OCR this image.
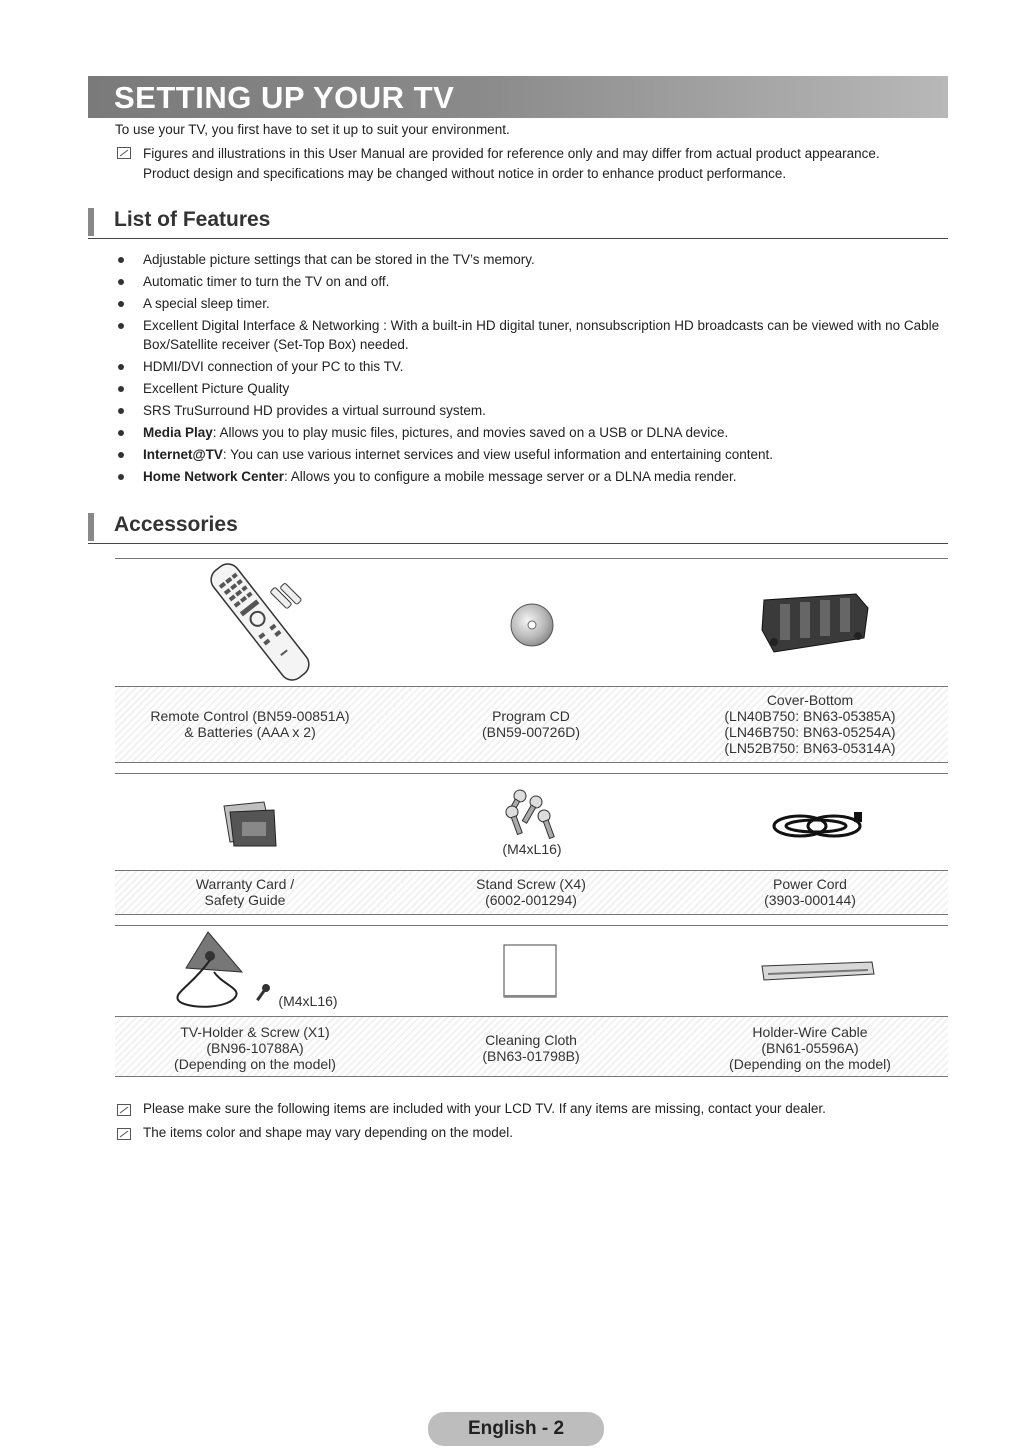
SETTING UP YOUR TV
To use your TV, you first have to set it up to suit your environment.
Figures and illustrations in this User Manual are provided for reference only and may differ from actual product appearance.
Product design and specifications may be changed without notice in order to enhance product performance.
List of Features
Adjustable picture settings that can be stored in the TV’s memory.
Automatic timer to turn the TV on and off.
A special sleep timer.
Excellent Digital Interface & Networking : With a built-in HD digital tuner, nonsubscription HD broadcasts can be viewed with no Cable Box/Satellite receiver (Set-Top Box) needed.
HDMI/DVI connection of your PC to this TV.
Excellent Picture Quality
SRS TruSurround HD provides a virtual surround system.
Media Play: Allows you to play music files, pictures, and movies saved on a USB or DLNA device.
Internet@TV: You can use various internet services and view useful information and entertaining content.
Home Network Center: Allows you to configure a mobile message server or a DLNA media render.
Accessories
Remote Control (BN59-00851A)
& Batteries (AAA x 2)
Program CD
(BN59-00726D)
Cover-Bottom
(LN40B750: BN63-05385A)
(LN46B750: BN63-05254A)
(LN52B750: BN63-05314A)
(M4xL16)
Warranty Card /
Safety Guide
Stand Screw (X4)
(6002-001294)
Power Cord
(3903-000144)
(M4xL16)
TV-Holder & Screw (X1)
(BN96-10788A)
(Depending on the model)
Cleaning Cloth
(BN63-01798B)
Holder-Wire Cable
(BN61-05596A)
(Depending on the model)
Please make sure the following items are included with your LCD TV. If any items are missing, contact your dealer.
The items color and shape may vary depending on the model.
English - 2
